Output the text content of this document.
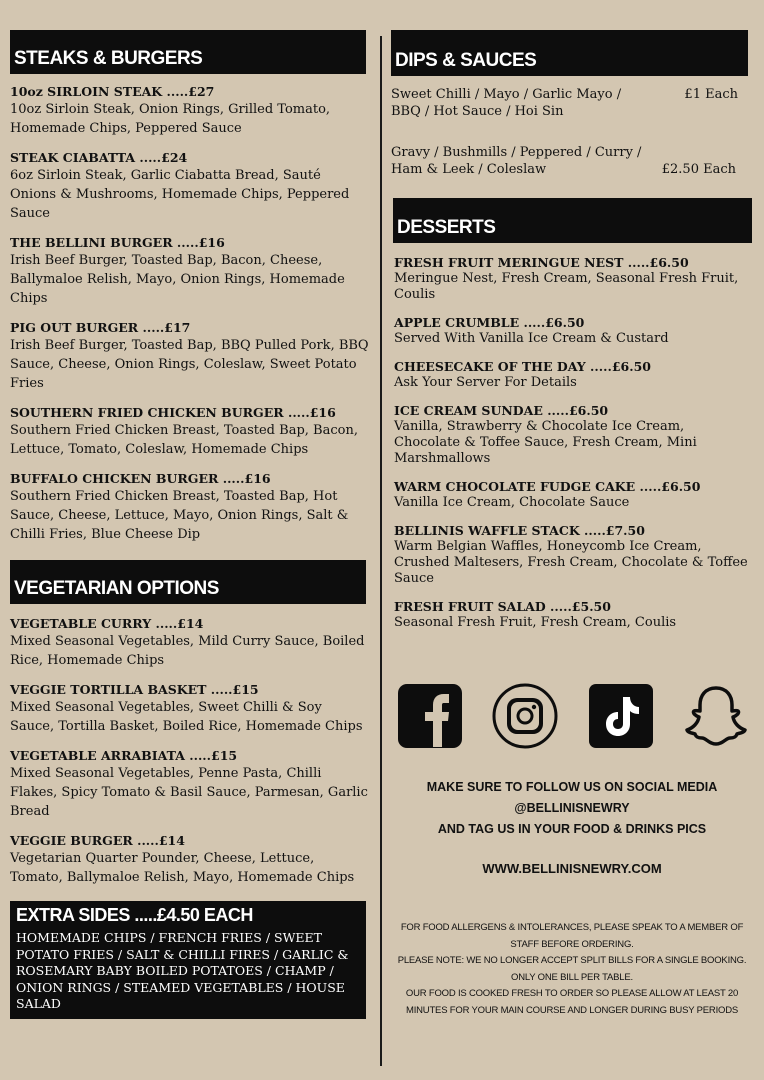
STEAKS & BURGERS
10oz SIRLOIN STEAK .....£27
10oz Sirloin Steak, Onion Rings, Grilled Tomato, Homemade Chips, Peppered Sauce
STEAK CIABATTA .....£24
6oz Sirloin Steak, Garlic Ciabatta Bread, Sauté Onions & Mushrooms, Homemade Chips, Peppered Sauce
THE BELLINI BURGER .....£16
Irish Beef Burger, Toasted Bap, Bacon, Cheese, Ballymaloe Relish, Mayo, Onion Rings, Homemade Chips
PIG OUT BURGER .....£17
Irish Beef Burger, Toasted Bap, BBQ Pulled Pork, BBQ Sauce, Cheese, Onion Rings, Coleslaw, Sweet Potato Fries
SOUTHERN FRIED CHICKEN BURGER .....£16
Southern Fried Chicken Breast, Toasted Bap, Bacon, Lettuce, Tomato, Coleslaw, Homemade Chips
BUFFALO CHICKEN BURGER .....£16
Southern Fried Chicken Breast, Toasted Bap, Hot Sauce, Cheese, Lettuce, Mayo, Onion Rings, Salt & Chilli Fries, Blue Cheese Dip
VEGETARIAN OPTIONS
VEGETABLE CURRY .....£14
Mixed Seasonal Vegetables, Mild Curry Sauce, Boiled Rice, Homemade Chips
VEGGIE TORTILLA BASKET .....£15
Mixed Seasonal Vegetables, Sweet Chilli & Soy Sauce, Tortilla Basket, Boiled Rice, Homemade Chips
VEGETABLE ARRABIATA .....£15
Mixed Seasonal Vegetables, Penne Pasta, Chilli Flakes, Spicy Tomato & Basil Sauce, Parmesan, Garlic Bread
VEGGIE BURGER .....£14
Vegetarian Quarter Pounder, Cheese, Lettuce, Tomato, Ballymaloe Relish, Mayo, Homemade Chips
EXTRA SIDES .....£4.50 EACH
HOMEMADE CHIPS / FRENCH FRIES / SWEET POTATO FRIES / SALT & CHILLI FIRES / GARLIC & ROSEMARY BABY BOILED POTATOES / CHAMP / ONION RINGS / STEAMED VEGETABLES / HOUSE SALAD
DIPS & SAUCES
Sweet Chilli / Mayo / Garlic Mayo / BBQ / Hot Sauce / Hoi Sin
£1 Each
Gravy / Bushmills / Peppered / Curry / Ham & Leek / Coleslaw	£2.50 Each
DESSERTS
FRESH FRUIT MERINGUE NEST .....£6.50
Meringue Nest, Fresh Cream, Seasonal Fresh Fruit, Coulis
APPLE CRUMBLE .....£6.50
Served With Vanilla Ice Cream & Custard
CHEESECAKE OF THE DAY .....£6.50
Ask Your Server For Details
ICE CREAM SUNDAE .....£6.50
Vanilla, Strawberry & Chocolate Ice Cream, Chocolate & Toffee Sauce, Fresh Cream, Mini Marshmallows
WARM CHOCOLATE FUDGE CAKE .....£6.50
Vanilla Ice Cream, Chocolate Sauce
BELLINIS WAFFLE STACK .....£7.50
Warm Belgian Waffles, Honeycomb Ice Cream, Crushed Maltesers, Fresh Cream, Chocolate & Toffee Sauce
FRESH FRUIT SALAD .....£5.50
Seasonal Fresh Fruit, Fresh Cream, Coulis
MAKE SURE TO FOLLOW US ON SOCIAL MEDIA
@BELLINISNEWRY
AND TAG US IN YOUR FOOD & DRINKS PICS
WWW.BELLINISNEWRY.COM
FOR FOOD ALLERGENS & INTOLERANCES, PLEASE SPEAK TO A MEMBER OF STAFF BEFORE ORDERING.
PLEASE NOTE: WE NO LONGER ACCEPT SPLIT BILLS FOR A SINGLE BOOKING. ONLY ONE BILL PER TABLE.
OUR FOOD IS COOKED FRESH TO ORDER SO PLEASE ALLOW AT LEAST 20 MINUTES FOR YOUR MAIN COURSE AND LONGER DURING BUSY PERIODS
